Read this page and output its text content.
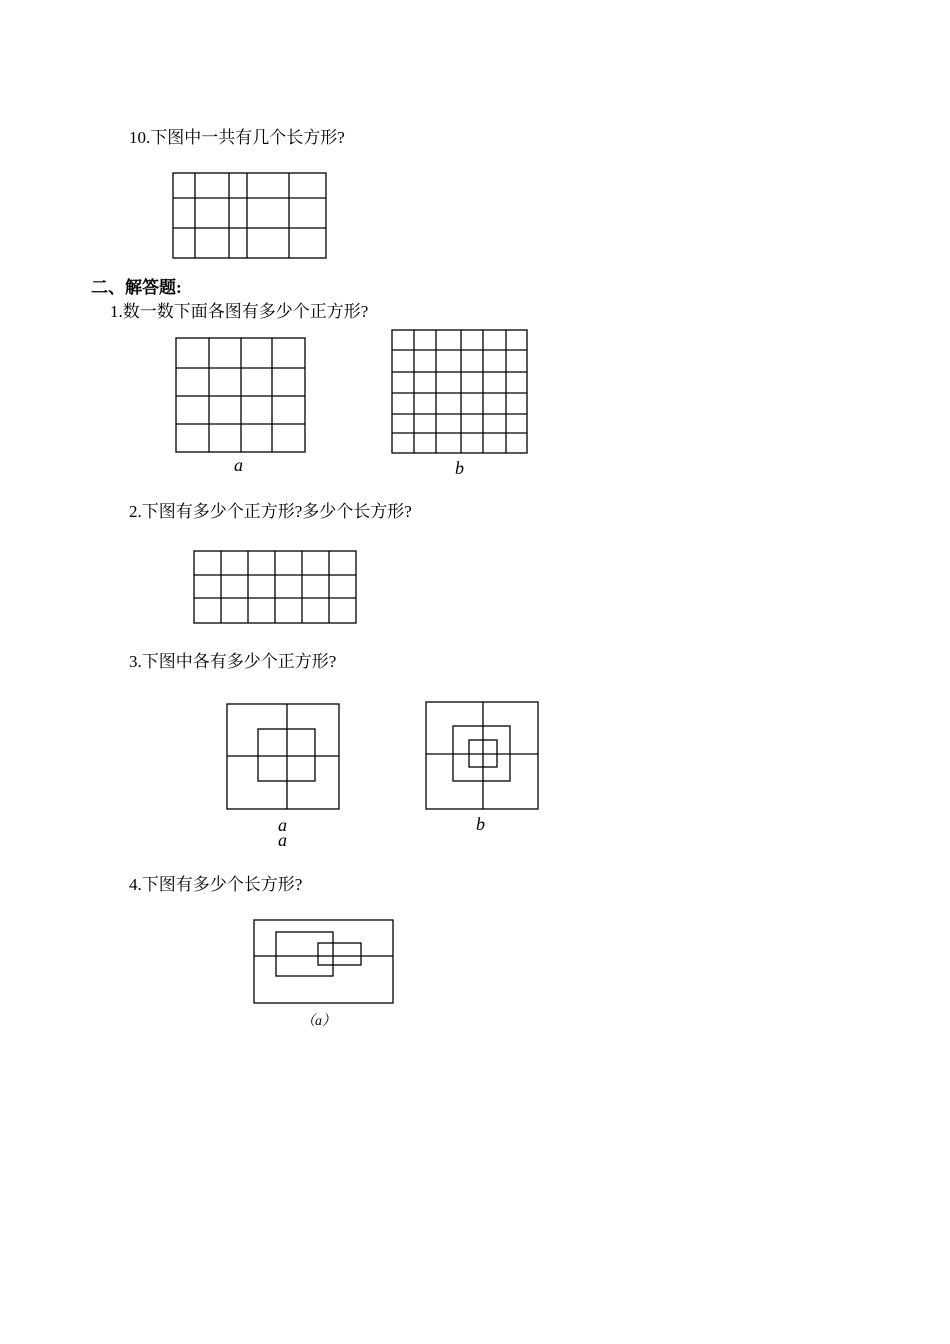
10.下图中一共有几个长方形?
二、解答题:
1.数一数下面各图有多少个正方形?
a	b
2.下图有多少个正方形?多少个长方形?
3.下图中各有多少个正方形?
a
a
b
4.下图有多少个长方形?
（a）
